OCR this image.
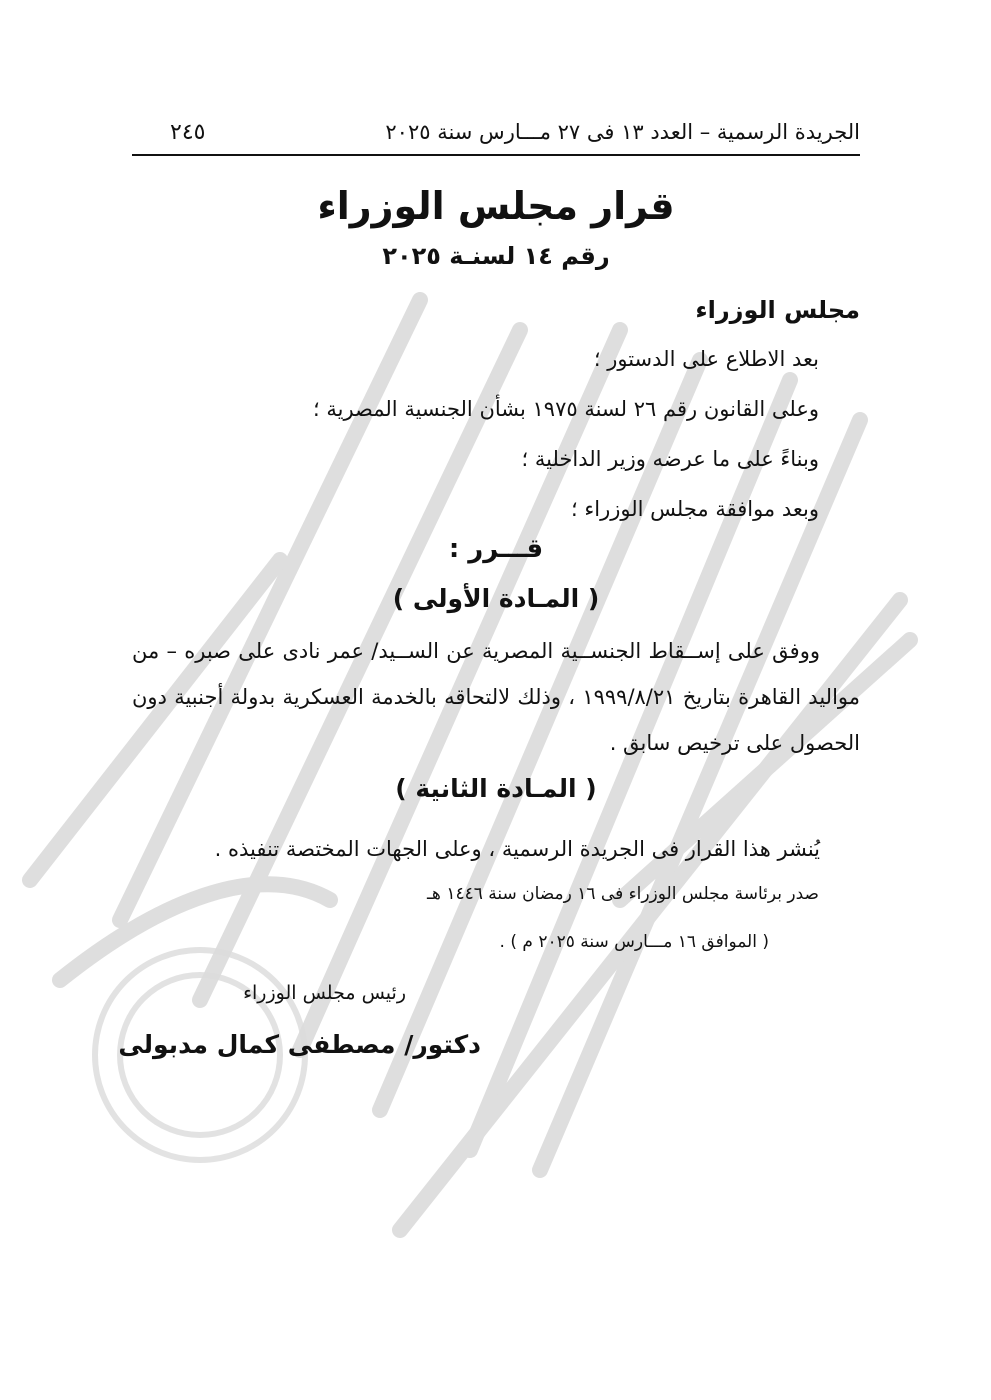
الجريدة الرسمية – العدد ١٣ فى ٢٧ مـــارس سنة ٢٠٢٥
٢٤٥
قرار مجلس الوزراء
رقم ١٤ لسنـة ٢٠٢٥
مجلس الوزراء
بعد الاطلاع على الدستور ؛
وعلى القانون رقم ٢٦ لسنة ١٩٧٥ بشأن الجنسية المصرية ؛
وبناءً على ما عرضه وزير الداخلية ؛
وبعد موافقة مجلس الوزراء ؛
قـــرر :
( المـادة الأولى )
ووفق على إســقاط الجنســية المصرية عن الســيد/ عمر نادى على صبره – من مواليد القاهرة بتاريخ ١٩٩٩/٨/٢١ ، وذلك لالتحاقه بالخدمة العسكرية بدولة أجنبية دون الحصول على ترخيص سابق .
( المـادة الثانية )
يُنشر هذا القرار فى الجريدة الرسمية ، وعلى الجهات المختصة تنفيذه .
صدر برئاسة مجلس الوزراء فى ١٦ رمضان سنة ١٤٤٦ هـ
( الموافق ١٦ مـــارس سنة ٢٠٢٥ م ) .
رئيس مجلس الوزراء
دكتور/ مصطفى كمال مدبولى
